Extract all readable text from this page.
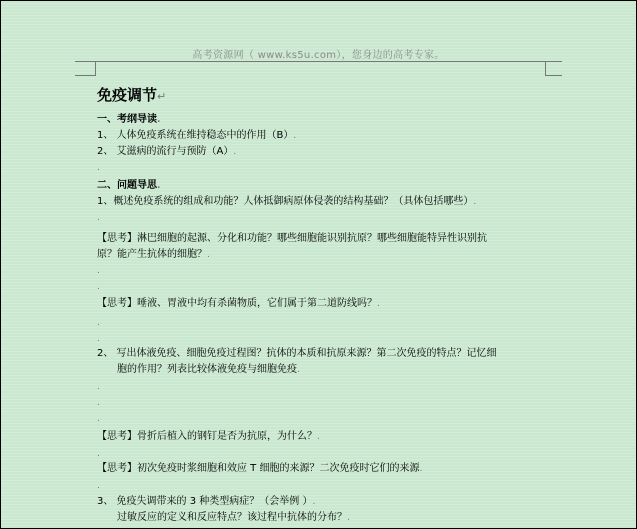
高考资源网（ www.ks5u.com），您身边的高考专家。
免疫调节↵
一、考纲导读.
1、 人体免疫系统在维持稳态中的作用（B）.
2、 艾滋病的流行与预防（A）.
.
二、问题导思.
1、概述免疫系统的组成和功能？人体抵御病原体侵袭的结构基础？（具体包括哪些）.
.
【思考】淋巴细胞的起源、分化和功能？哪些细胞能识别抗原？哪些细胞能特异性识别抗
原？能产生抗体的细胞？.
.
.
【思考】唾液、胃液中均有杀菌物质，它们属于第二道防线吗？.
.
.
2、 写出体液免疫、细胞免疫过程图？抗体的本质和抗原来源？第二次免疫的特点？记忆细
胞的作用？列表比较体液免疫与细胞免疫.
.
.
.
【思考】骨折后植入的钢钉是否为抗原，为什么？.
.
【思考】初次免疫时浆细胞和效应 T 细胞的来源？二次免疫时它们的来源.
.
3、 免疫失调带来的 3 种类型病症？（会举例 ）.
过敏反应的定义和反应特点？该过程中抗体的分布？.
